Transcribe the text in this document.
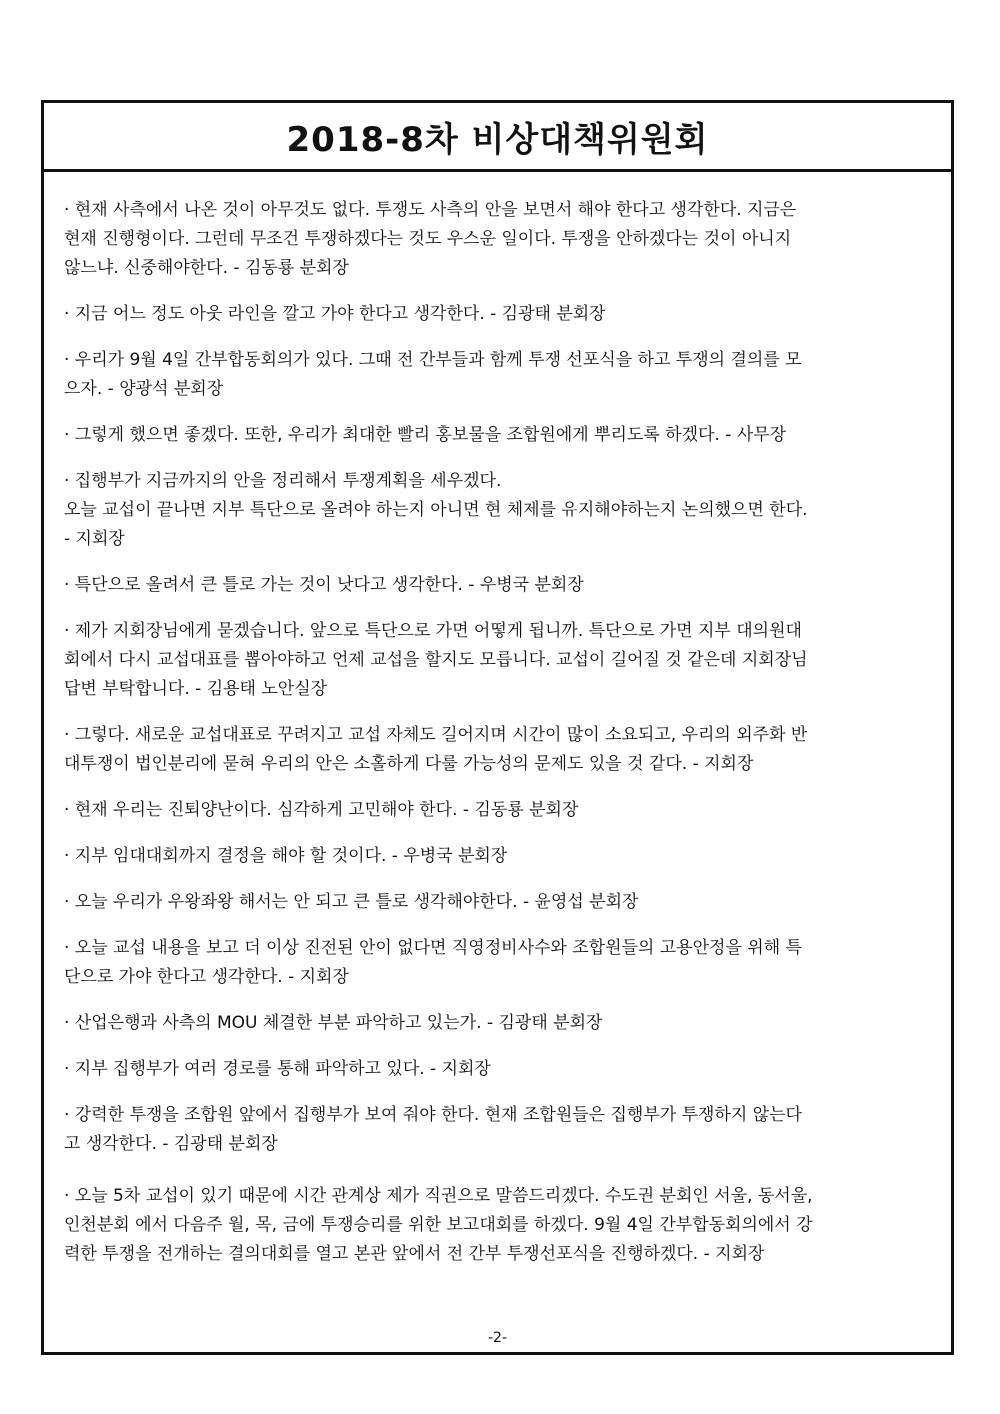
2018-8차 비상대책위원회

· 현재 사측에서 나온 것이 아무것도 없다. 투쟁도 사측의 안을 보면서 해야 한다고 생각한다. 지금은
현재 진행형이다. 그런데 무조건 투쟁하겠다는 것도 우스운 일이다. 투쟁을 안하겠다는 것이 아니지
않느냐. 신중해야한다. - 김동룡 분회장

· 지금 어느 정도 아웃 라인을 깔고 가야 한다고 생각한다. - 김광태 분회장

· 우리가 9월 4일 간부합동회의가 있다. 그때 전 간부들과 함께 투쟁 선포식을 하고 투쟁의 결의를 모
으자. - 양광석 분회장

· 그렇게 했으면 좋겠다. 또한, 우리가 최대한 빨리 홍보물을 조합원에게 뿌리도록 하겠다. - 사무장

· 집행부가 지금까지의 안을 정리해서 투쟁계획을 세우겠다.
오늘 교섭이 끝나면 지부 특단으로 올려야 하는지 아니면 현 체제를 유지해야하는지 논의했으면 한다.
- 지회장

· 특단으로 올려서 큰 틀로 가는 것이 낫다고 생각한다. - 우병국 분회장

· 제가 지회장님에게 묻겠습니다. 앞으로 특단으로 가면 어떻게 됩니까. 특단으로 가면 지부 대의원대
회에서 다시 교섭대표를 뽑아야하고 언제 교섭을 할지도 모릅니다. 교섭이 길어질 것 같은데 지회장님
답변 부탁합니다. - 김용태 노안실장

· 그렇다. 새로운 교섭대표로 꾸려지고 교섭 자체도 길어지며 시간이 많이 소요되고, 우리의 외주화 반
대투쟁이 법인분리에 묻혀 우리의 안은 소홀하게 다룰 가능성의 문제도 있을 것 같다. - 지회장

· 현재 우리는 진퇴양난이다. 심각하게 고민해야 한다. - 김동룡 분회장

· 지부 임대대회까지 결정을 해야 할 것이다. - 우병국 분회장

· 오늘 우리가 우왕좌왕 해서는 안 되고 큰 틀로 생각해야한다. - 윤영섭 분회장

· 오늘 교섭 내용을 보고 더 이상 진전된 안이 없다면 직영정비사수와 조합원들의 고용안정을 위해 특
단으로 가야 한다고 생각한다. - 지회장

· 산업은행과 사측의 MOU 체결한 부분 파악하고 있는가. - 김광태 분회장

· 지부 집행부가 여러 경로를 통해 파악하고 있다. - 지회장

· 강력한 투쟁을 조합원 앞에서 집행부가 보여 줘야 한다. 현재 조합원들은 집행부가 투쟁하지 않는다
고 생각한다. - 김광태 분회장

· 오늘 5차 교섭이 있기 때문에 시간 관계상 제가 직권으로 말씀드리겠다. 수도권 분회인 서울, 동서울,
인천분회 에서 다음주 월, 목, 금에 투쟁승리를 위한 보고대회를 하겠다. 9월 4일 간부합동회의에서 강
력한 투쟁을 전개하는 결의대회를 열고 본관 앞에서 전 간부 투쟁선포식을 진행하겠다. - 지회장

-2-
